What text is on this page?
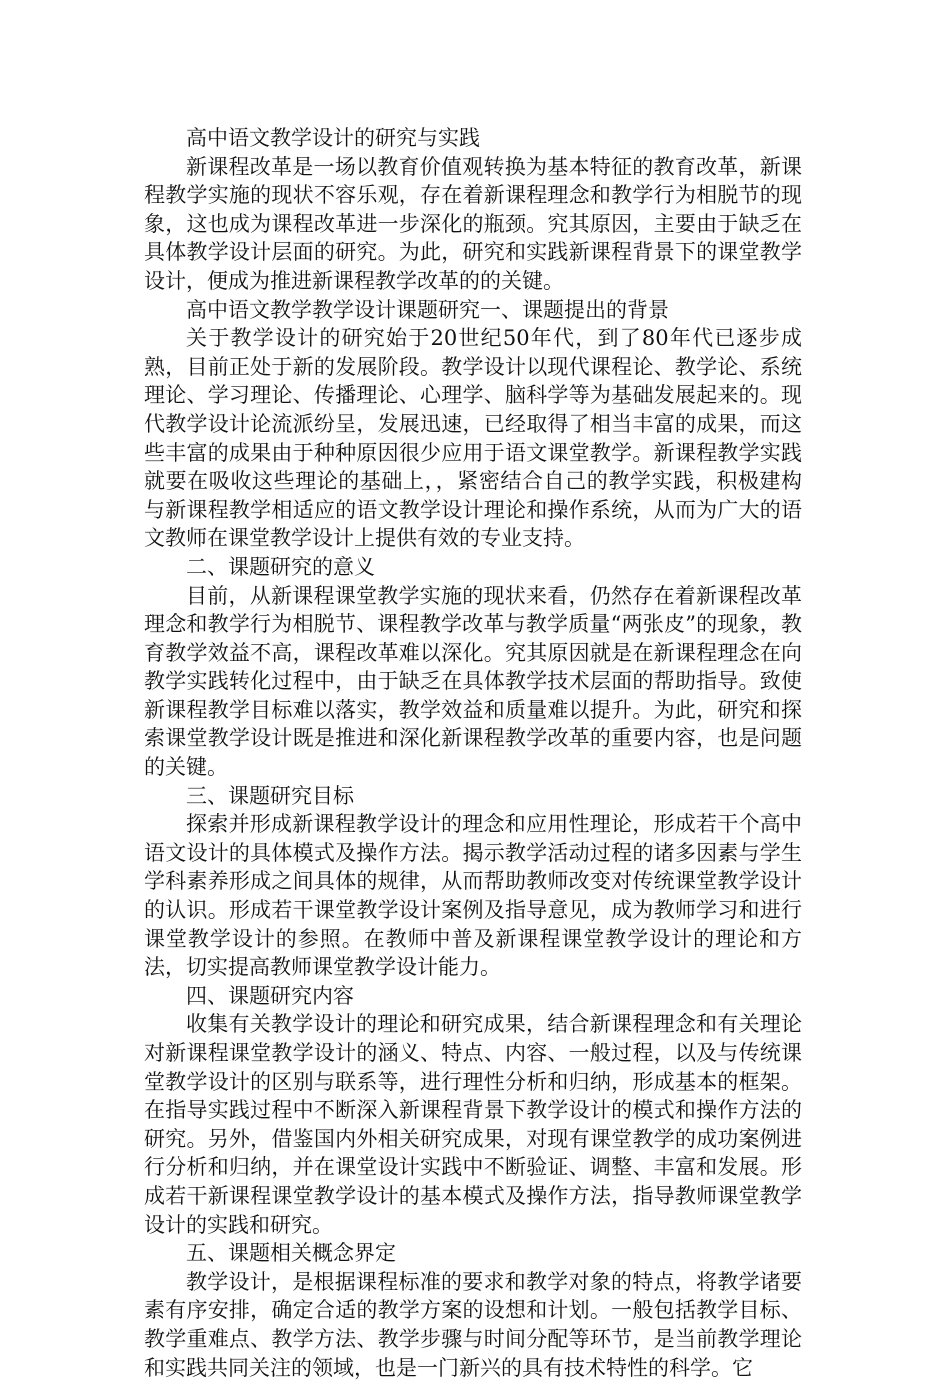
高中语文教学设计的研究与实践

新课程改革是一场以教育价值观转换为基本特征的教育改革，新课程教学实施的现状不容乐观，存在着新课程理念和教学行为相脱节的现象，这也成为课程改革进一步深化的瓶颈。究其原因，主要由于缺乏在具体教学设计层面的研究。为此，研究和实践新课程背景下的课堂教学设计，便成为推进新课程教学改革的的关键。

高中语文教学教学设计课题研究一、课题提出的背景

关于教学设计的研究始于20世纪50年代，到了80年代已逐步成熟，目前正处于新的发展阶段。教学设计以现代课程论、教学论、系统理论、学习理论、传播理论、心理学、脑科学等为基础发展起来的。现代教学设计论流派纷呈，发展迅速，已经取得了相当丰富的成果，而这些丰富的成果由于种种原因很少应用于语文课堂教学。新课程教学实践就要在吸收这些理论的基础上，，紧密结合自己的教学实践，积极建构与新课程教学相适应的语文教学设计理论和操作系统，从而为广大的语文教师在课堂教学设计上提供有效的专业支持。

二、课题研究的意义

目前，从新课程课堂教学实施的现状来看，仍然存在着新课程改革理念和教学行为相脱节、课程教学改革与教学质量“两张皮”的现象，教育教学效益不高，课程改革难以深化。究其原因就是在新课程理念在向教学实践转化过程中，由于缺乏在具体教学技术层面的帮助指导。致使新课程教学目标难以落实，教学效益和质量难以提升。为此，研究和探索课堂教学设计既是推进和深化新课程教学改革的重要内容，也是问题的关键。

三、课题研究目标

探索并形成新课程教学设计的理念和应用性理论，形成若干个高中语文设计的具体模式及操作方法。揭示教学活动过程的诸多因素与学生学科素养形成之间具体的规律，从而帮助教师改变对传统课堂教学设计的认识。形成若干课堂教学设计案例及指导意见，成为教师学习和进行课堂教学设计的参照。在教师中普及新课程课堂教学设计的理论和方法，切实提高教师课堂教学设计能力。

四、课题研究内容

收集有关教学设计的理论和研究成果，结合新课程理念和有关理论对新课程课堂教学设计的涵义、特点、内容、一般过程，以及与传统课堂教学设计的区别与联系等，进行理性分析和归纳，形成基本的框架。在指导实践过程中不断深入新课程背景下教学设计的模式和操作方法的研究。另外，借鉴国内外相关研究成果，对现有课堂教学的成功案例进行分析和归纳，并在课堂设计实践中不断验证、调整、丰富和发展。形成若干新课程课堂教学设计的基本模式及操作方法，指导教师课堂教学设计的实践和研究。

五、课题相关概念界定

教学设计，是根据课程标准的要求和教学对象的特点，将教学诸要素有序安排，确定合适的教学方案的设想和计划。一般包括教学目标、教学重难点、教学方法、教学步骤与时间分配等环节，是当前教学理论和实践共同关注的领域，也是一门新兴的具有技术特性的科学。它
